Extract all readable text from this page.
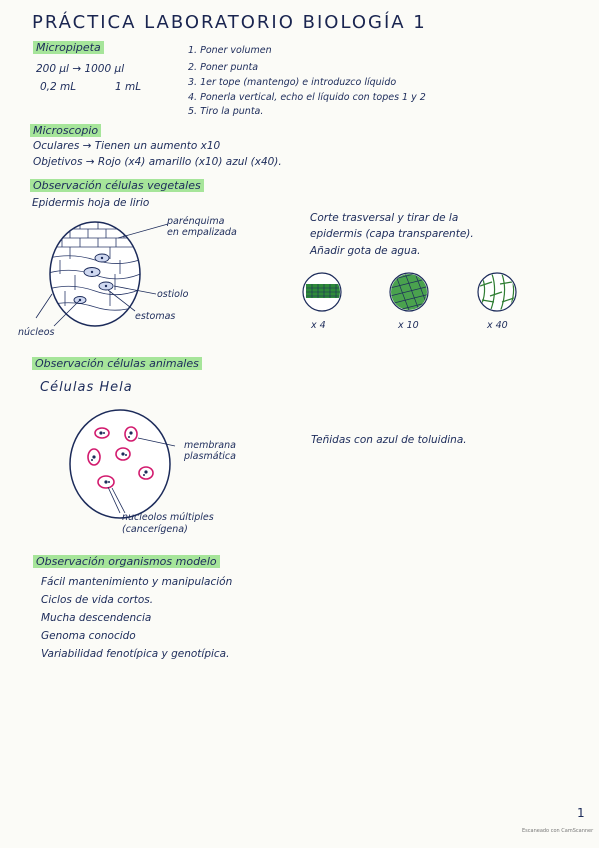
PRÁCTICA LABORATORIO BIOLOGÍA 1
Micropipeta
200 µl → 1000 µl
0,2 mL	1 mL
1. Poner volumen
2. Poner punta
3. 1er tope (mantengo) e introduzco líquido
4. Ponerla vertical, echo el líquido con topes 1 y 2
5. Tiro la punta.
Microscopio
Oculares → Tienen un aumento x10
Objetivos → Rojo (x4) amarillo (x10) azul (x40).
Observación células vegetales
Epidermis hoja de lirio
parénquima
en empalizada
ostiolo
estomas
núcleos
Corte trasversal y tirar de la
epidermis (capa transparente).
Añadir gota de agua.
x 4	x 10	x 40
Observación células animales
Células Hela
membrana
plasmática
nucleolos múltiples
(cancerígena)
Teñidas con azul de toluidina.
Observación organismos modelo
Fácil mantenimiento y manipulación
Ciclos de vida cortos.
Mucha descendencia
Genoma conocido
Variabilidad fenotípica y genotípica.
1
Escaneado con CamScanner
